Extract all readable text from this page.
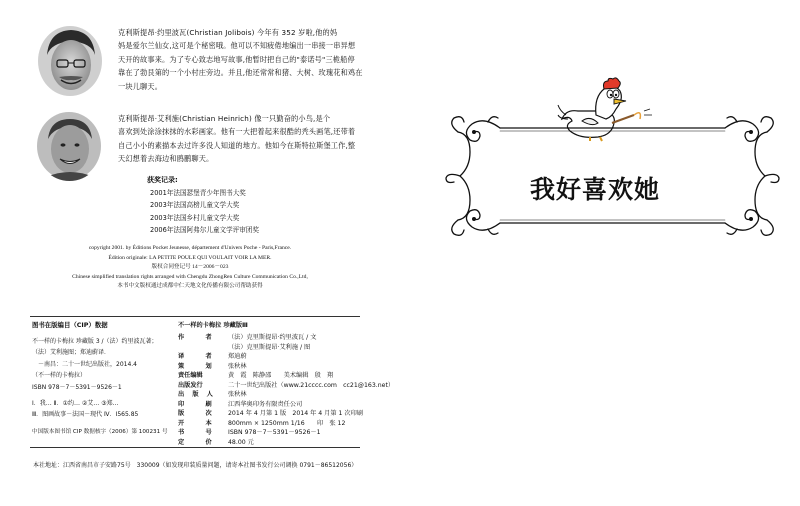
克利斯提昂·约里波瓦(Christian Jolibois) 今年有 352 岁啦,他的妈
妈是爱尔兰仙女,这可是个秘密哦。他可以不知疲倦地编出一串接一串异想
天开的故事来。为了专心致志地写故事,他暂时把自己的"泰诺号"三桅船停
靠在了勃艮第的一个小村庄旁边。并且,他还常常和猪、大树、玫瑰花和鸡在
一块儿聊天。
克利斯提昂·艾利施(Christian Heinrich) 像一只勤奋的小鸟,是个
喜欢到处涂涂抹抹的水彩画家。他有一大把着起来很酷的秃头画笔,还带着
自己小小的素描本去过许多没人知道的地方。他如今在斯特拉斯堡工作,整
天幻想着去海边和鸥鹏聊天。
获奖记录:
2001年法国瑟堡青少年图书大奖
2003年法国高榜儿童文学大奖
2003年法国乡村儿童文学大奖
2006年法国阿弗尔儿童文学评审团奖
copyright 2001. by Éditions Pocket Jeunesse, département d'Univers Poche - Paris,France.
Édition originale: LA PETITE POULE QUI VOULAIT VOIR LA MER.
版权合同登记号 14－2006－023
Chinese simplified translation rights arranged with Chengdu ZhongRen Culture Communication Co.,Ltd,
本书中文版权通过成都中仁天地文化传播有限公司帮助获得
图书在版编目（CIP）数据
不一样的卡梅拉 珍藏版 3 /（法）约里波瓦著；
（法）艾利施图；郑迪蔚译．
－南昌：二十一世纪出版社，2014.4
（不一样的卡梅拉）
ISBN 978－7－5391－9526－1
Ⅰ．我… Ⅱ．①约… ②艾… ③郑…
Ⅲ．图画故事－法国－现代 Ⅳ．I565.85
中国版本图书馆 CIP 数据核字（2006）第 100231 号
不一样的卡梅拉 珍藏版Ⅲ
作　　者	（法）克里斯提昂·约里波瓦 / 文
（法）克里斯提昂·艾利施 / 图
译　　者	郑迪蔚
策　　划	张秋林
责任编辑	黄　霞　陈静邵　　美术编辑　殷　翔
出版发行	二十一世纪出版社（www.21cccc.com　cc21@163.net）
出 版 人	张秋林
印　　刷	江西华奥印务有限责任公司
版　　次	2014 年 4 月第 1 版　2014 年 4 月第 1 次印刷
开　　本	800mm × 1250mm 1/16　　印　张 12
书　　号	ISBN 978－7－5391－9526－1
定　　价	48.00 元
本社地址：江西省南昌市子安路75号　330009（如发现印装质量问题，请寄本社图书发行公司调换 0791－86512056）
我好喜欢她
